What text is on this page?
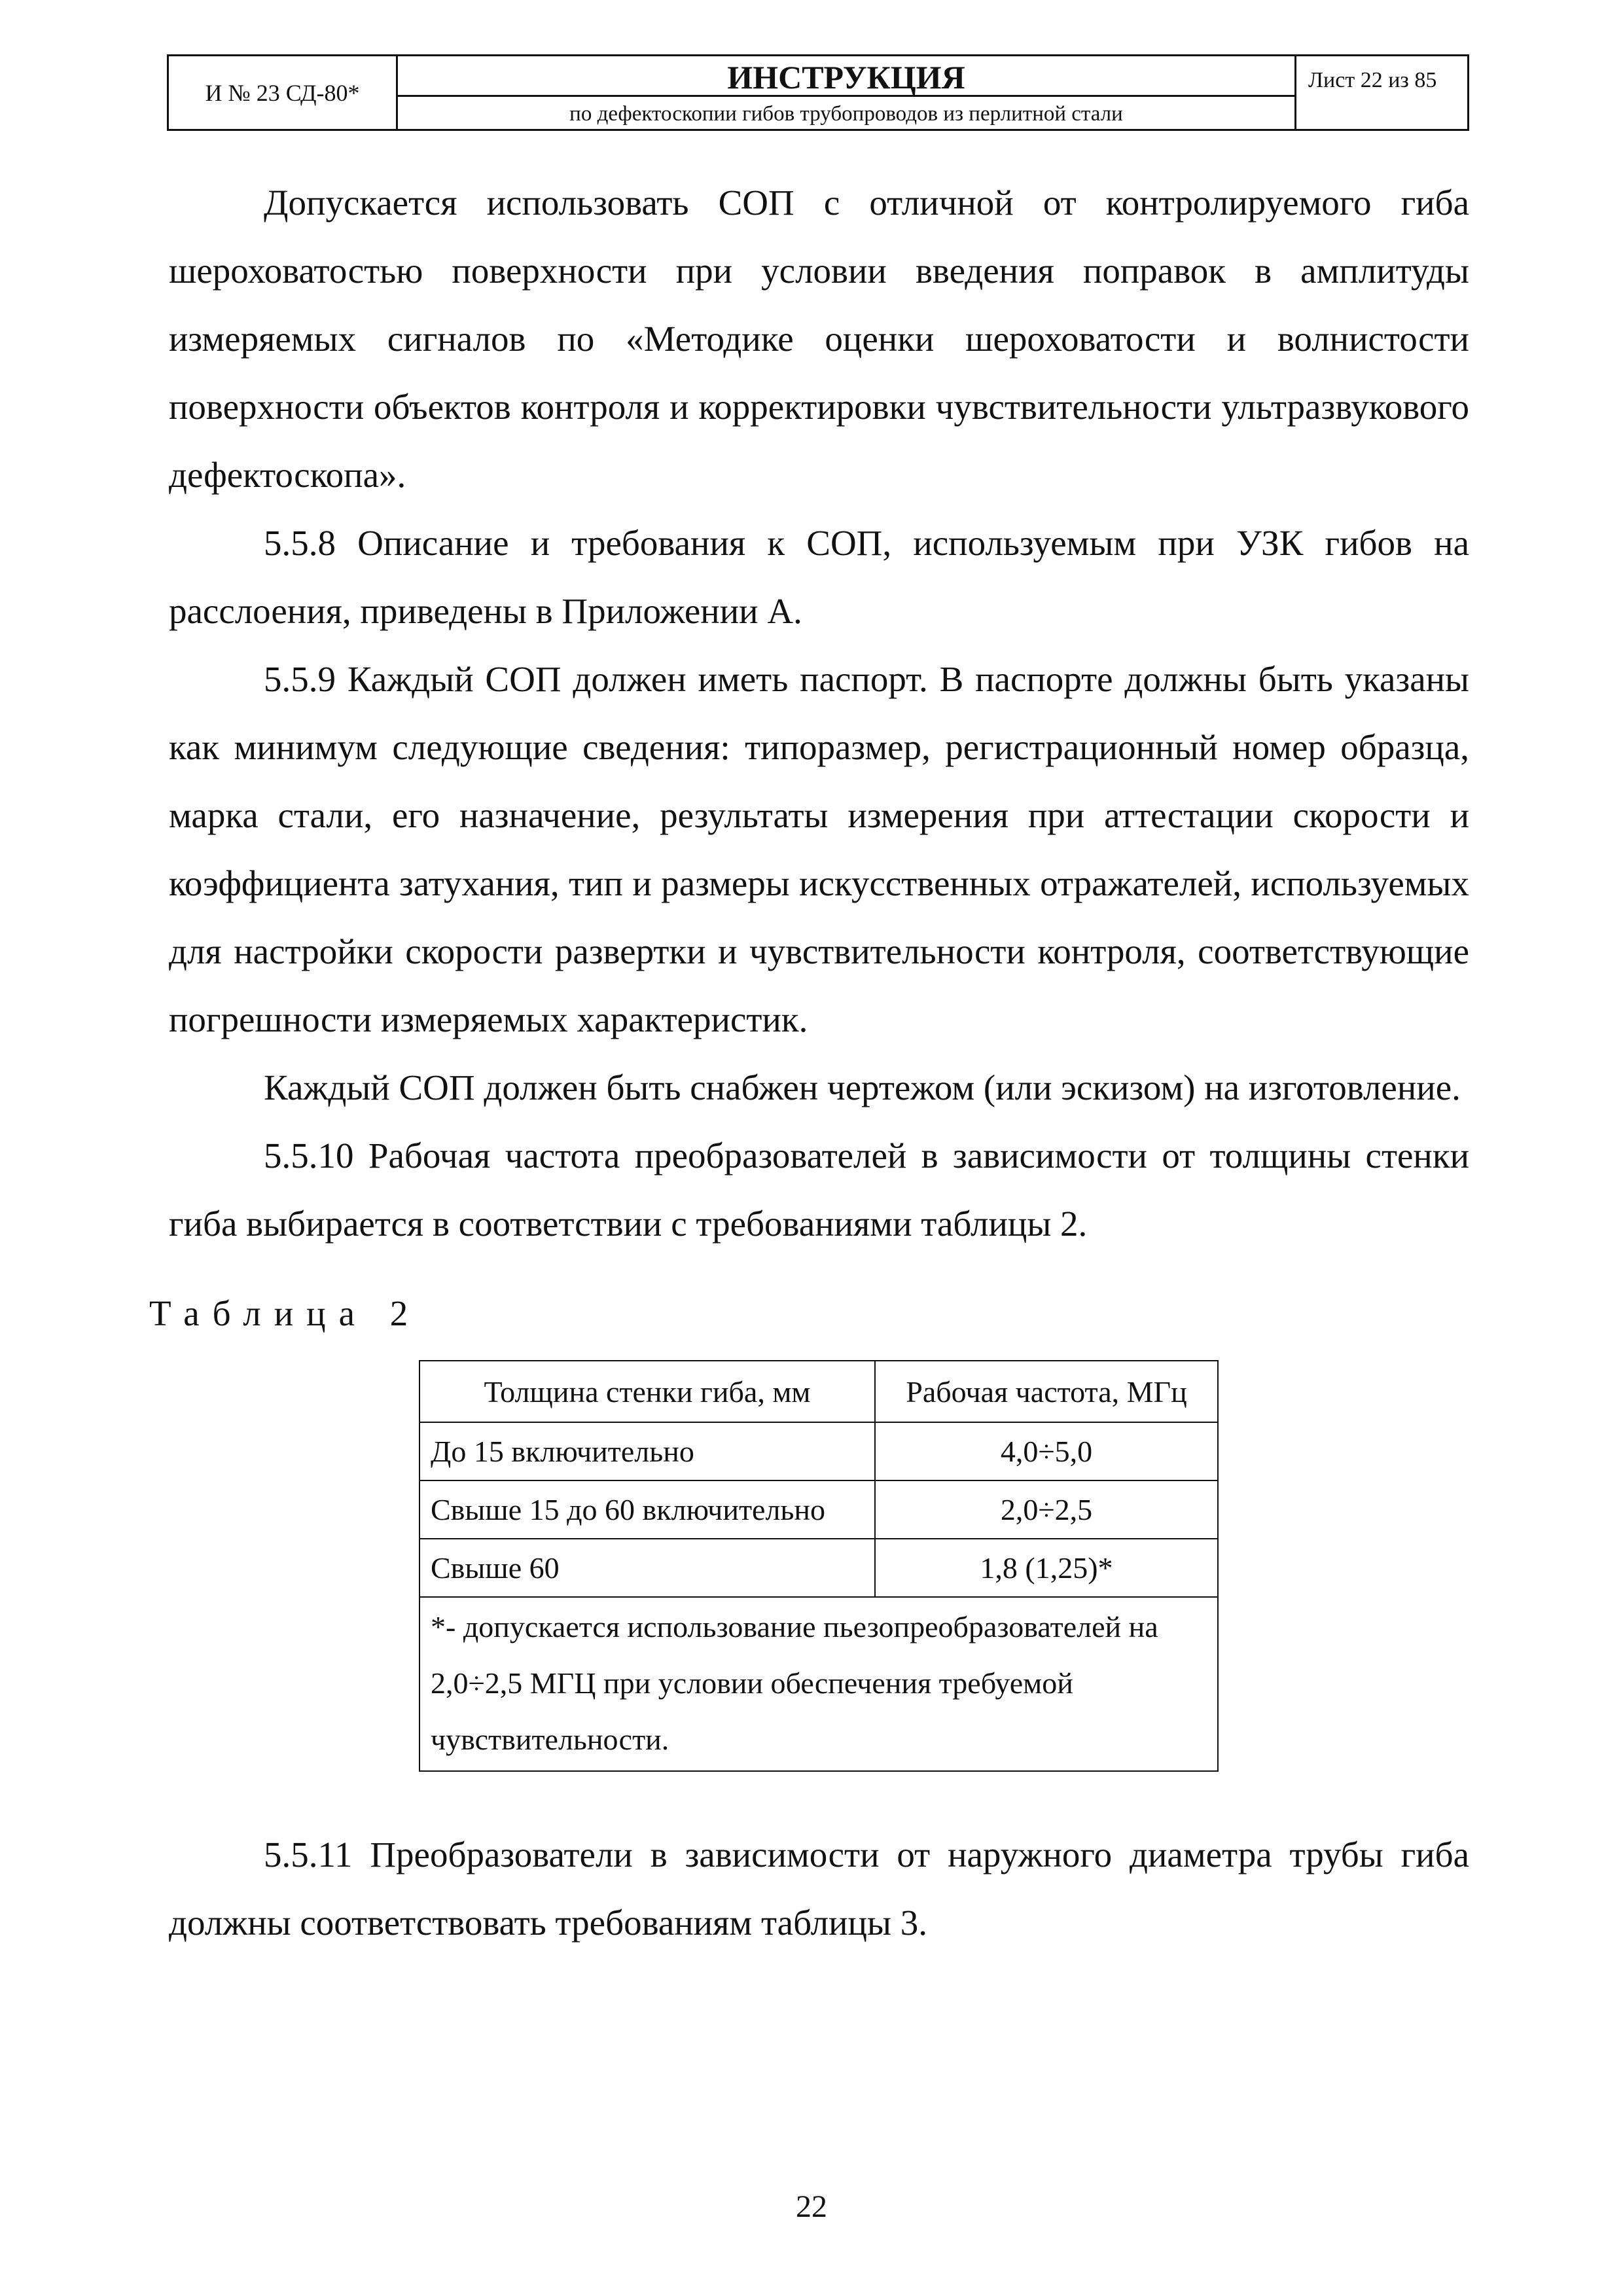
И № 23 СД-80*	ИНСТРУКЦИЯ
по дефектоскопии гибов трубопроводов из перлитной стали
Лист 22 из 85

Допускается использовать СОП с отличной от контролируемого гиба шероховатостью поверхности при условии введения поправок в амплитуды измеряемых сигналов по «Методике оценки шероховатости и волнистости поверхности объектов контроля и корректировки чувствительности ультразвукового дефектоскопа».

5.5.8 Описание и требования к СОП, используемым при УЗК гибов на расслоения, приведены в Приложении А.

5.5.9 Каждый СОП должен иметь паспорт. В паспорте должны быть указаны как минимум следующие сведения: типоразмер, регистрационный номер образца, марка стали, его назначение, результаты измерения при аттестации скорости и коэффициента затухания, тип и размеры искусственных отражателей, используемых для настройки скорости развертки и чувствительности контроля, соответствующие погрешности измеряемых характеристик.

Каждый СОП должен быть снабжен чертежом (или эскизом) на изготовление.

5.5.10 Рабочая частота преобразователей в зависимости от толщины стенки гиба выбирается в соответствии с требованиями таблицы 2.

Таблица 2
Толщина стенки гиба, мм	Рабочая частота, МГц
До 15 включительно	4,0÷5,0
Свыше 15 до 60 включительно	2,0÷2,5
Свыше 60	1,8 (1,25)*
*- допускается использование пьезопреобразователей на 2,0÷2,5 МГЦ при условии обеспечения требуемой чувствительности.	

5.5.11 Преобразователи в зависимости от наружного диаметра трубы гиба должны соответствовать требованиям таблицы 3.

22
